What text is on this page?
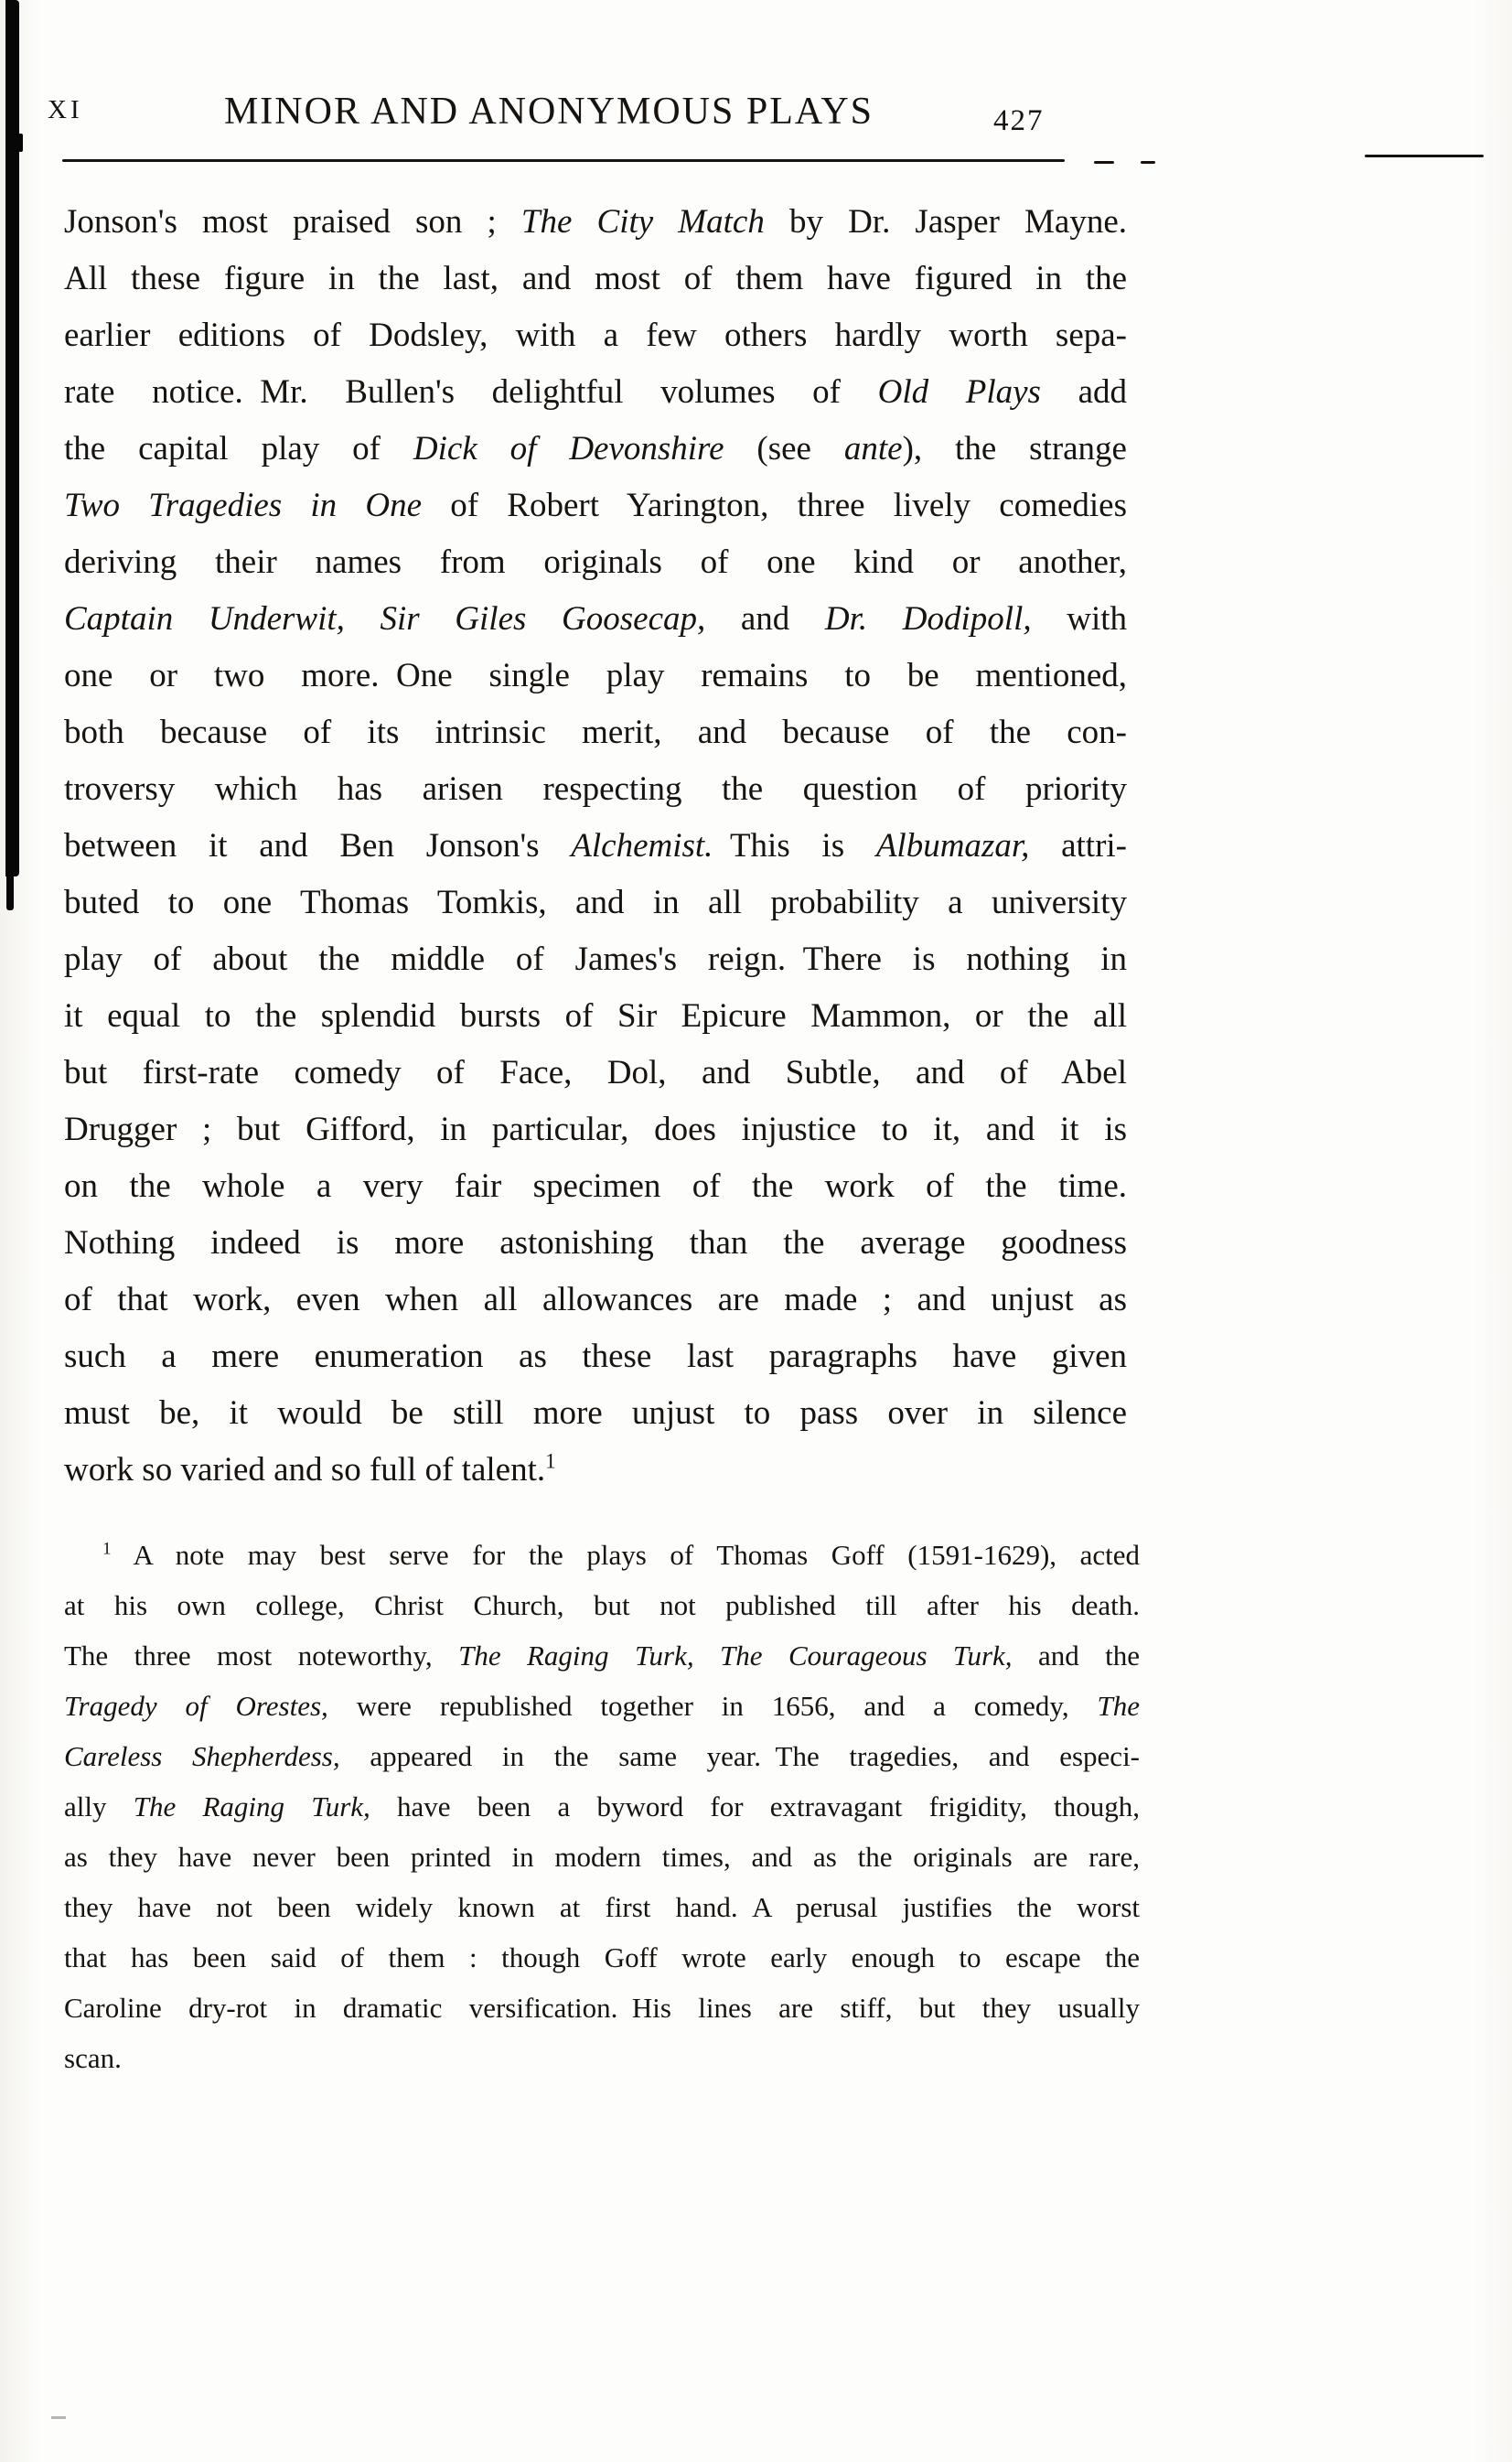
XI	MINOR AND ANONYMOUS PLAYS	427
Jonson's most praised son ; The City Match by Dr. Jasper Mayne.
All these figure in the last, and most of them have figured in the
earlier editions of Dodsley, with a few others hardly worth sepa-
rate notice. Mr. Bullen's delightful volumes of Old Plays add
the capital play of Dick of Devonshire (see ante), the strange
Two Tragedies in One of Robert Yarington, three lively comedies
deriving their names from originals of one kind or another,
Captain Underwit, Sir Giles Goosecap, and Dr. Dodipoll, with
one or two more. One single play remains to be mentioned,
both because of its intrinsic merit, and because of the con-
troversy which has arisen respecting the question of priority
between it and Ben Jonson's Alchemist. This is Albumazar, attri-
buted to one Thomas Tomkis, and in all probability a university
play of about the middle of James's reign. There is nothing in
it equal to the splendid bursts of Sir Epicure Mammon, or the all
but first-rate comedy of Face, Dol, and Subtle, and of Abel
Drugger ; but Gifford, in particular, does injustice to it, and it is
on the whole a very fair specimen of the work of the time.
Nothing indeed is more astonishing than the average goodness
of that work, even when all allowances are made ; and unjust as
such a mere enumeration as these last paragraphs have given
must be, it would be still more unjust to pass over in silence
work so varied and so full of talent.$^1$
$^1$ A note may best serve for the plays of Thomas Goff (1591-1629), acted
at his own college, Christ Church, but not published till after his death.
The three most noteworthy, The Raging Turk, The Courageous Turk, and the
Tragedy of Orestes, were republished together in 1656, and a comedy, The
Careless Shepherdess, appeared in the same year. The tragedies, and especi-
ally The Raging Turk, have been a byword for extravagant frigidity, though,
as they have never been printed in modern times, and as the originals are rare,
they have not been widely known at first hand. A perusal justifies the worst
that has been said of them : though Goff wrote early enough to escape the
Caroline dry-rot in dramatic versification. His lines are stiff, but they usually
scan.
